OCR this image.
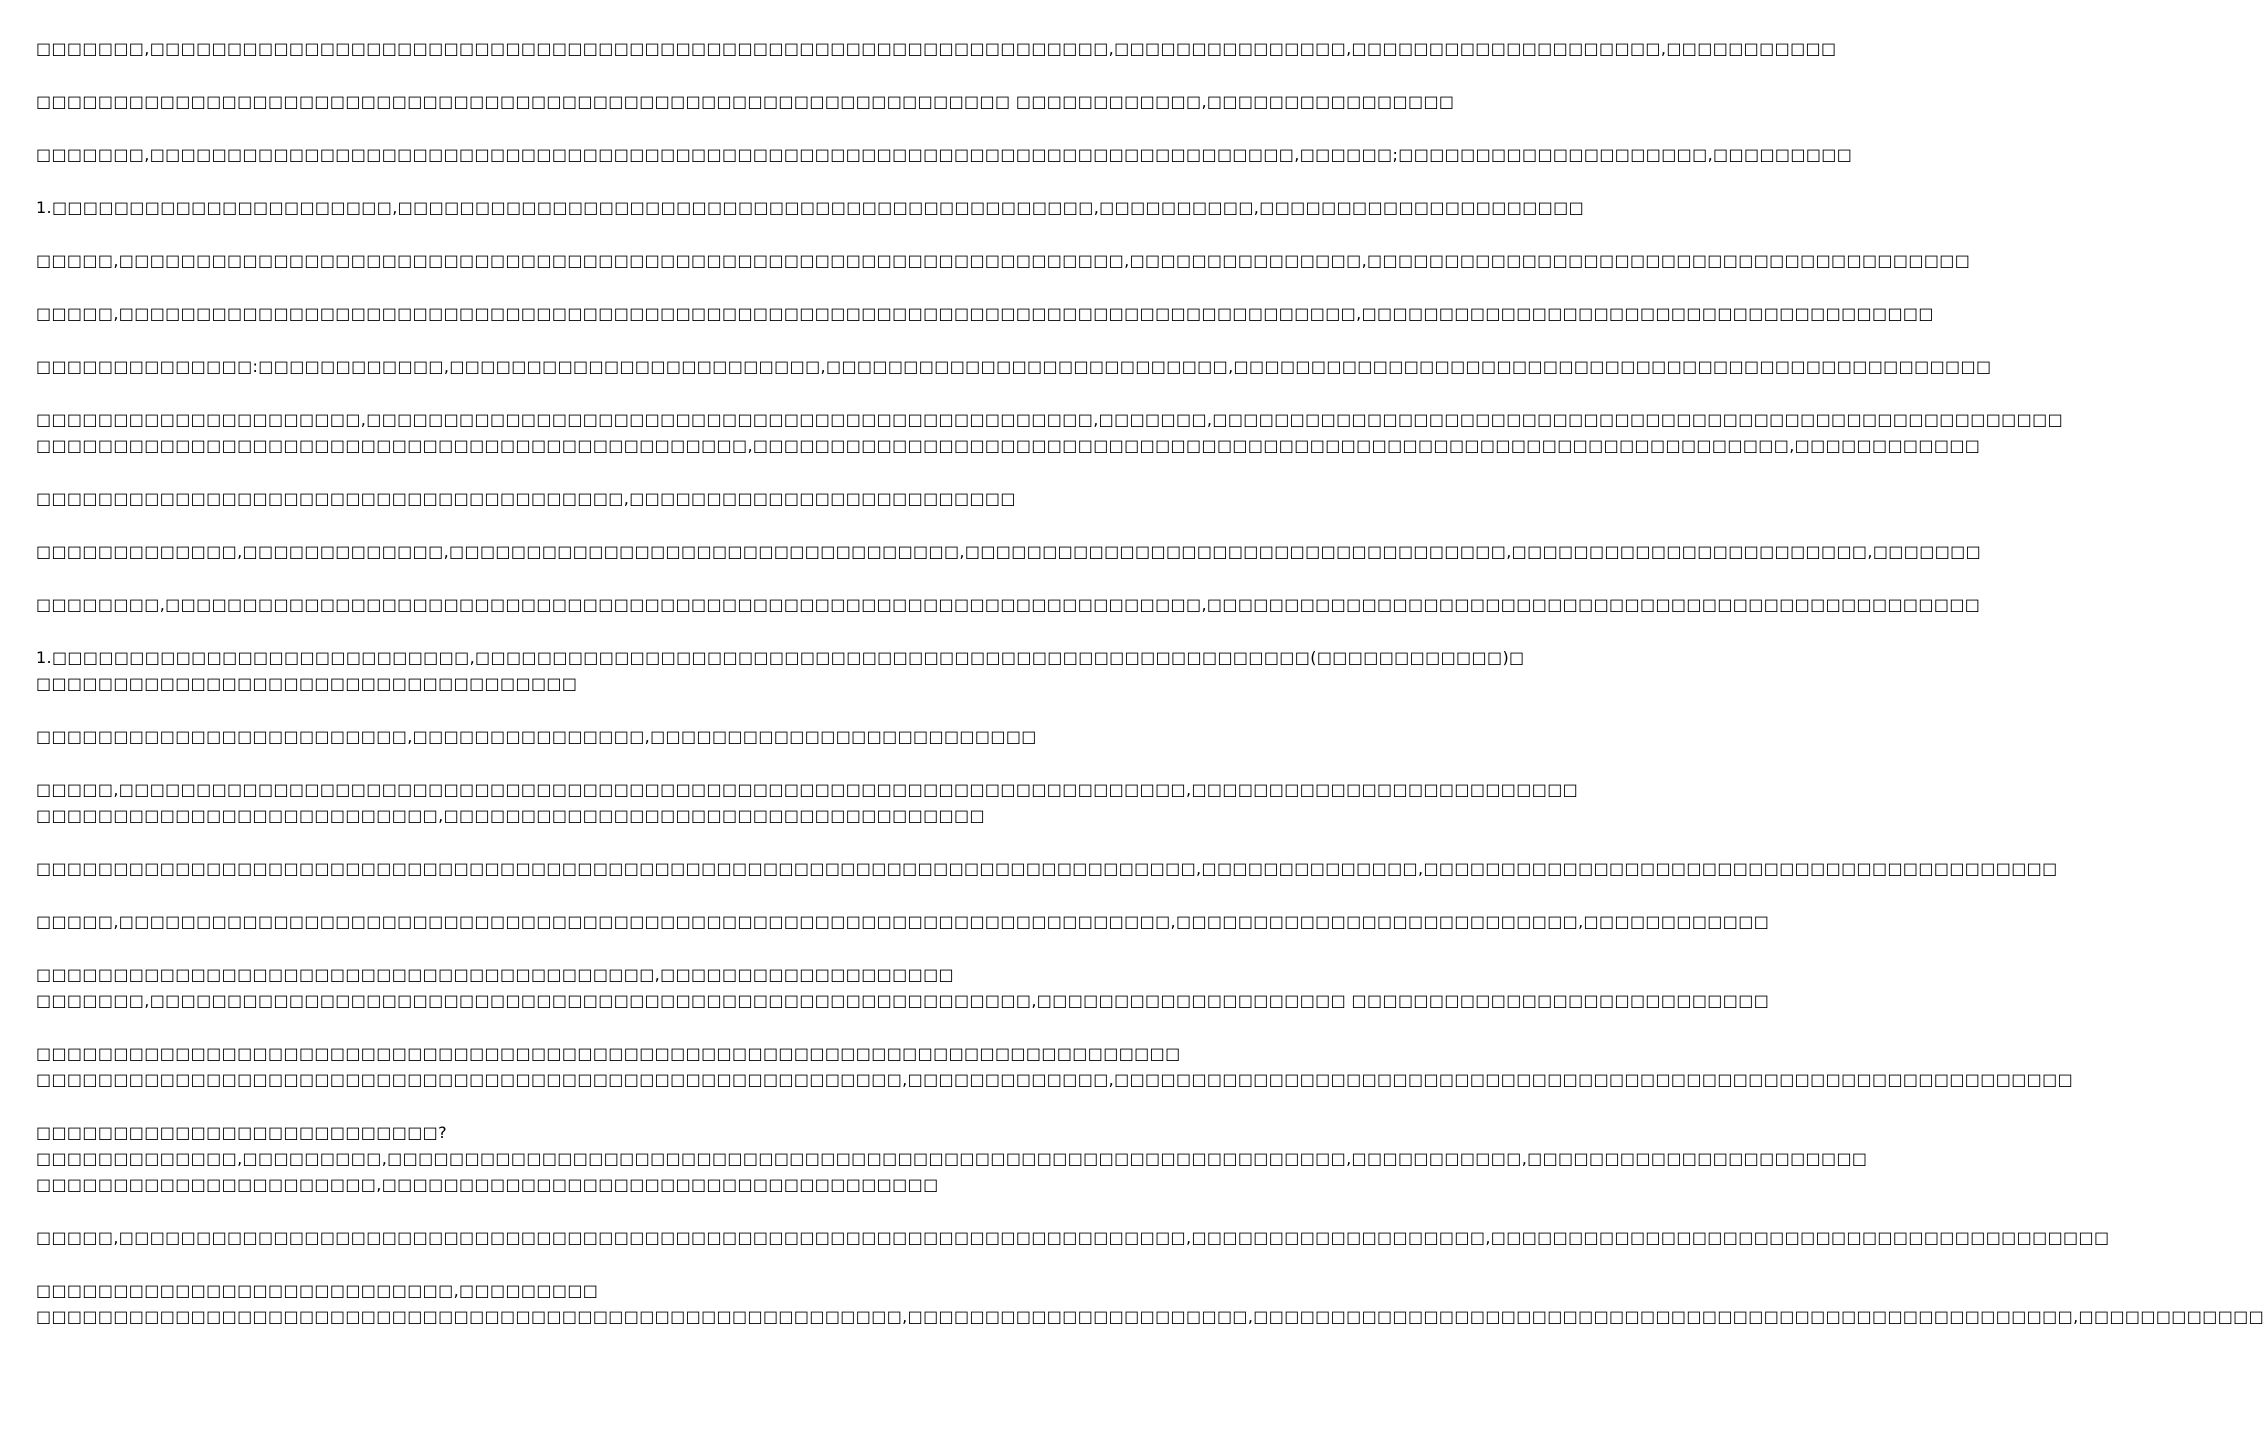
□□□□□□□,□□□□□□□□□□□□□□□□□□□□□□□□□□□□□□□□□□□□□□□□□□□□□□□□□□□□□□□□□□□□□□,□□□□□□□□□□□□□□□,□□□□□□□□□□□□□□□□□□□□,□□□□□□□□□□□

□□□□□□□□□□□□□□□□□□□□□□□□□□□□□□□□□□□□□□□□□□□□□□□□□□□□□□□□□□□□□□□ □□□□□□□□□□□□,□□□□□□□□□□□□□□□□

□□□□□□□,□□□□□□□□□□□□□□□□□□□□□□□□□□□□□□□□□□□□□□□□□□□□□□□□□□□□□□□□□□□□□□□□□□□□□□□□□□,□□□□□□;□□□□□□□□□□□□□□□□□□□□,□□□□□□□□□

1.□□□□□□□□□□□□□□□□□□□□□□,□□□□□□□□□□□□□□□□□□□□□□□□□□□□□□□□□□□□□□□□□□□□□,□□□□□□□□□□,□□□□□□□□□□□□□□□□□□□□□

□□□□□,□□□□□□□□□□□□□□□□□□□□□□□□□□□□□□□□□□□□□□□□□□□□□□□□□□□□□□□□□□□□□□□□□,□□□□□□□□□□□□□□□,□□□□□□□□□□□□□□□□□□□□□□□□□□□□□□□□□□□□□□□

□□□□□,□□□□□□□□□□□□□□□□□□□□□□□□□□□□□□□□□□□□□□□□□□□□□□□□□□□□□□□□□□□□□□□□□□□□□□□□□□□□□□□□,□□□□□□□□□□□□□□□□□□□□□□□□□□□□□□□□□□□□□

□□□□□□□□□□□□□□:□□□□□□□□□□□□,□□□□□□□□□□□□□□□□□□□□□□□□,□□□□□□□□□□□□□□□□□□□□□□□□□□,□□□□□□□□□□□□□□□□□□□□□□□□□□□□□□□□□□□□□□□□□□□□□□□□□

□□□□□□□□□□□□□□□□□□□□□,□□□□□□□□□□□□□□□□□□□□□□□□□□□□□□□□□□□□□□□□□□□□□□□,□□□□□□□,□□□□□□□□□□□□□□□□□□□□□□□□□□□□□□□□□□□□□□□□□□□□□□□□□□□□□□□
□□□□□□□□□□□□□□□□□□□□□□□□□□□□□□□□□□□□□□□□□□□□□□,□□□□□□□□□□□□□□□□□□□□□□□□□□□□□□□□□□□□□□□□□□□□□□□□□□□□□□□□□□□□□□□□□□□,□□□□□□□□□□□□

□□□□□□□□□□□□□□□□□□□□□□□□□□□□□□□□□□□□□□,□□□□□□□□□□□□□□□□□□□□□□□□□

□□□□□□□□□□□□□,□□□□□□□□□□□□□,□□□□□□□□□□□□□□□□□□□□□□□□□□□□□□□□□,□□□□□□□□□□□□□□□□□□□□□□□□□□□□□□□□□□□,□□□□□□□□□□□□□□□□□□□□□□□,□□□□□□□

□□□□□□□□,□□□□□□□□□□□□□□□□□□□□□□□□□□□□□□□□□□□□□□□□□□□□□□□□□□□□□□□□□□□□□□□□□□□,□□□□□□□□□□□□□□□□□□□□□□□□□□□□□□□□□□□□□□□□□□□□□□□□□□

1.□□□□□□□□□□□□□□□□□□□□□□□□□□□,□□□□□□□□□□□□□□□□□□□□□□□□□□□□□□□□□□□□□□□□□□□□□□□□□□□□□□(□□□□□□□□□□□□)□
□□□□□□□□□□□□□□□□□□□□□□□□□□□□□□□□□□□

□□□□□□□□□□□□□□□□□□□□□□□□,□□□□□□□□□□□□□□□,□□□□□□□□□□□□□□□□□□□□□□□□□

□□□□□,□□□□□□□□□□□□□□□□□□□□□□□□□□□□□□□□□□□□□□□□□□□□□□□□□□□□□□□□□□□□□□□□□□□□□,□□□□□□□□□□□□□□□□□□□□□□□□□
□□□□□□□□□□□□□□□□□□□□□□□□□□,□□□□□□□□□□□□□□□□□□□□□□□□□□□□□□□□□□□

□□□□□□□□□□□□□□□□□□□□□□□□□□□□□□□□□□□□□□□□□□□□□□□□□□□□□□□□□□□□□□□□□□□□□□□□□□□,□□□□□□□□□□□□□□,□□□□□□□□□□□□□□□□□□□□□□□□□□□□□□□□□□□□□□□□□

□□□□□,□□□□□□□□□□□□□□□□□□□□□□□□□□□□□□□□□□□□□□□□□□□□□□□□□□□□□□□□□□□□□□□□□□□□,□□□□□□□□□□□□□□□□□□□□□□□□□□,□□□□□□□□□□□□

□□□□□□□□□□□□□□□□□□□□□□□□□□□□□□□□□□□□□□□□,□□□□□□□□□□□□□□□□□□□
□□□□□□□,□□□□□□□□□□□□□□□□□□□□□□□□□□□□□□□□□□□□□□□□□□□□□□□□□□□□□□□□□,□□□□□□□□□□□□□□□□□□□□ □□□□□□□□□□□□□□□□□□□□□□□□□□□

□□□□□□□□□□□□□□□□□□□□□□□□□□□□□□□□□□□□□□□□□□□□□□□□□□□□□□□□□□□□□□□□□□□□□□□□□□
□□□□□□□□□□□□□□□□□□□□□□□□□□□□□□□□□□□□□□□□□□□□□□□□□□□□□□□□,□□□□□□□□□□□□□,□□□□□□□□□□□□□□□□□□□□□□□□□□□□□□□□□□□□□□□□□□□□□□□□□□□□□□□□□□□□□□

□□□□□□□□□□□□□□□□□□□□□□□□□□?
□□□□□□□□□□□□□,□□□□□□□□□,□□□□□□□□□□□□□□□□□□□□□□□□□□□□□□□□□□□□□□□□□□□□□□□□□□□□□□□□□□□□□□,□□□□□□□□□□□,□□□□□□□□□□□□□□□□□□□□□□
□□□□□□□□□□□□□□□□□□□□□□,□□□□□□□□□□□□□□□□□□□□□□□□□□□□□□□□□□□□

□□□□□,□□□□□□□□□□□□□□□□□□□□□□□□□□□□□□□□□□□□□□□□□□□□□□□□□□□□□□□□□□□□□□□□□□□□□,□□□□□□□□□□□□□□□□□□□,□□□□□□□□□□□□□□□□□□□□□□□□□□□□□□□□□□□□□□□□

□□□□□□□□□□□□□□□□□□□□□□□□□□□,□□□□□□□□□
□□□□□□□□□□□□□□□□□□□□□□□□□□□□□□□□□□□□□□□□□□□□□□□□□□□□□□□□,□□□□□□□□□□□□□□□□□□□□□□,□□□□□□□□□□□□□□□□□□□□□□□□□□□□□□□□□□□□□□□□□□□□□□□□□□□□□,□□□□□□□□□□□□
